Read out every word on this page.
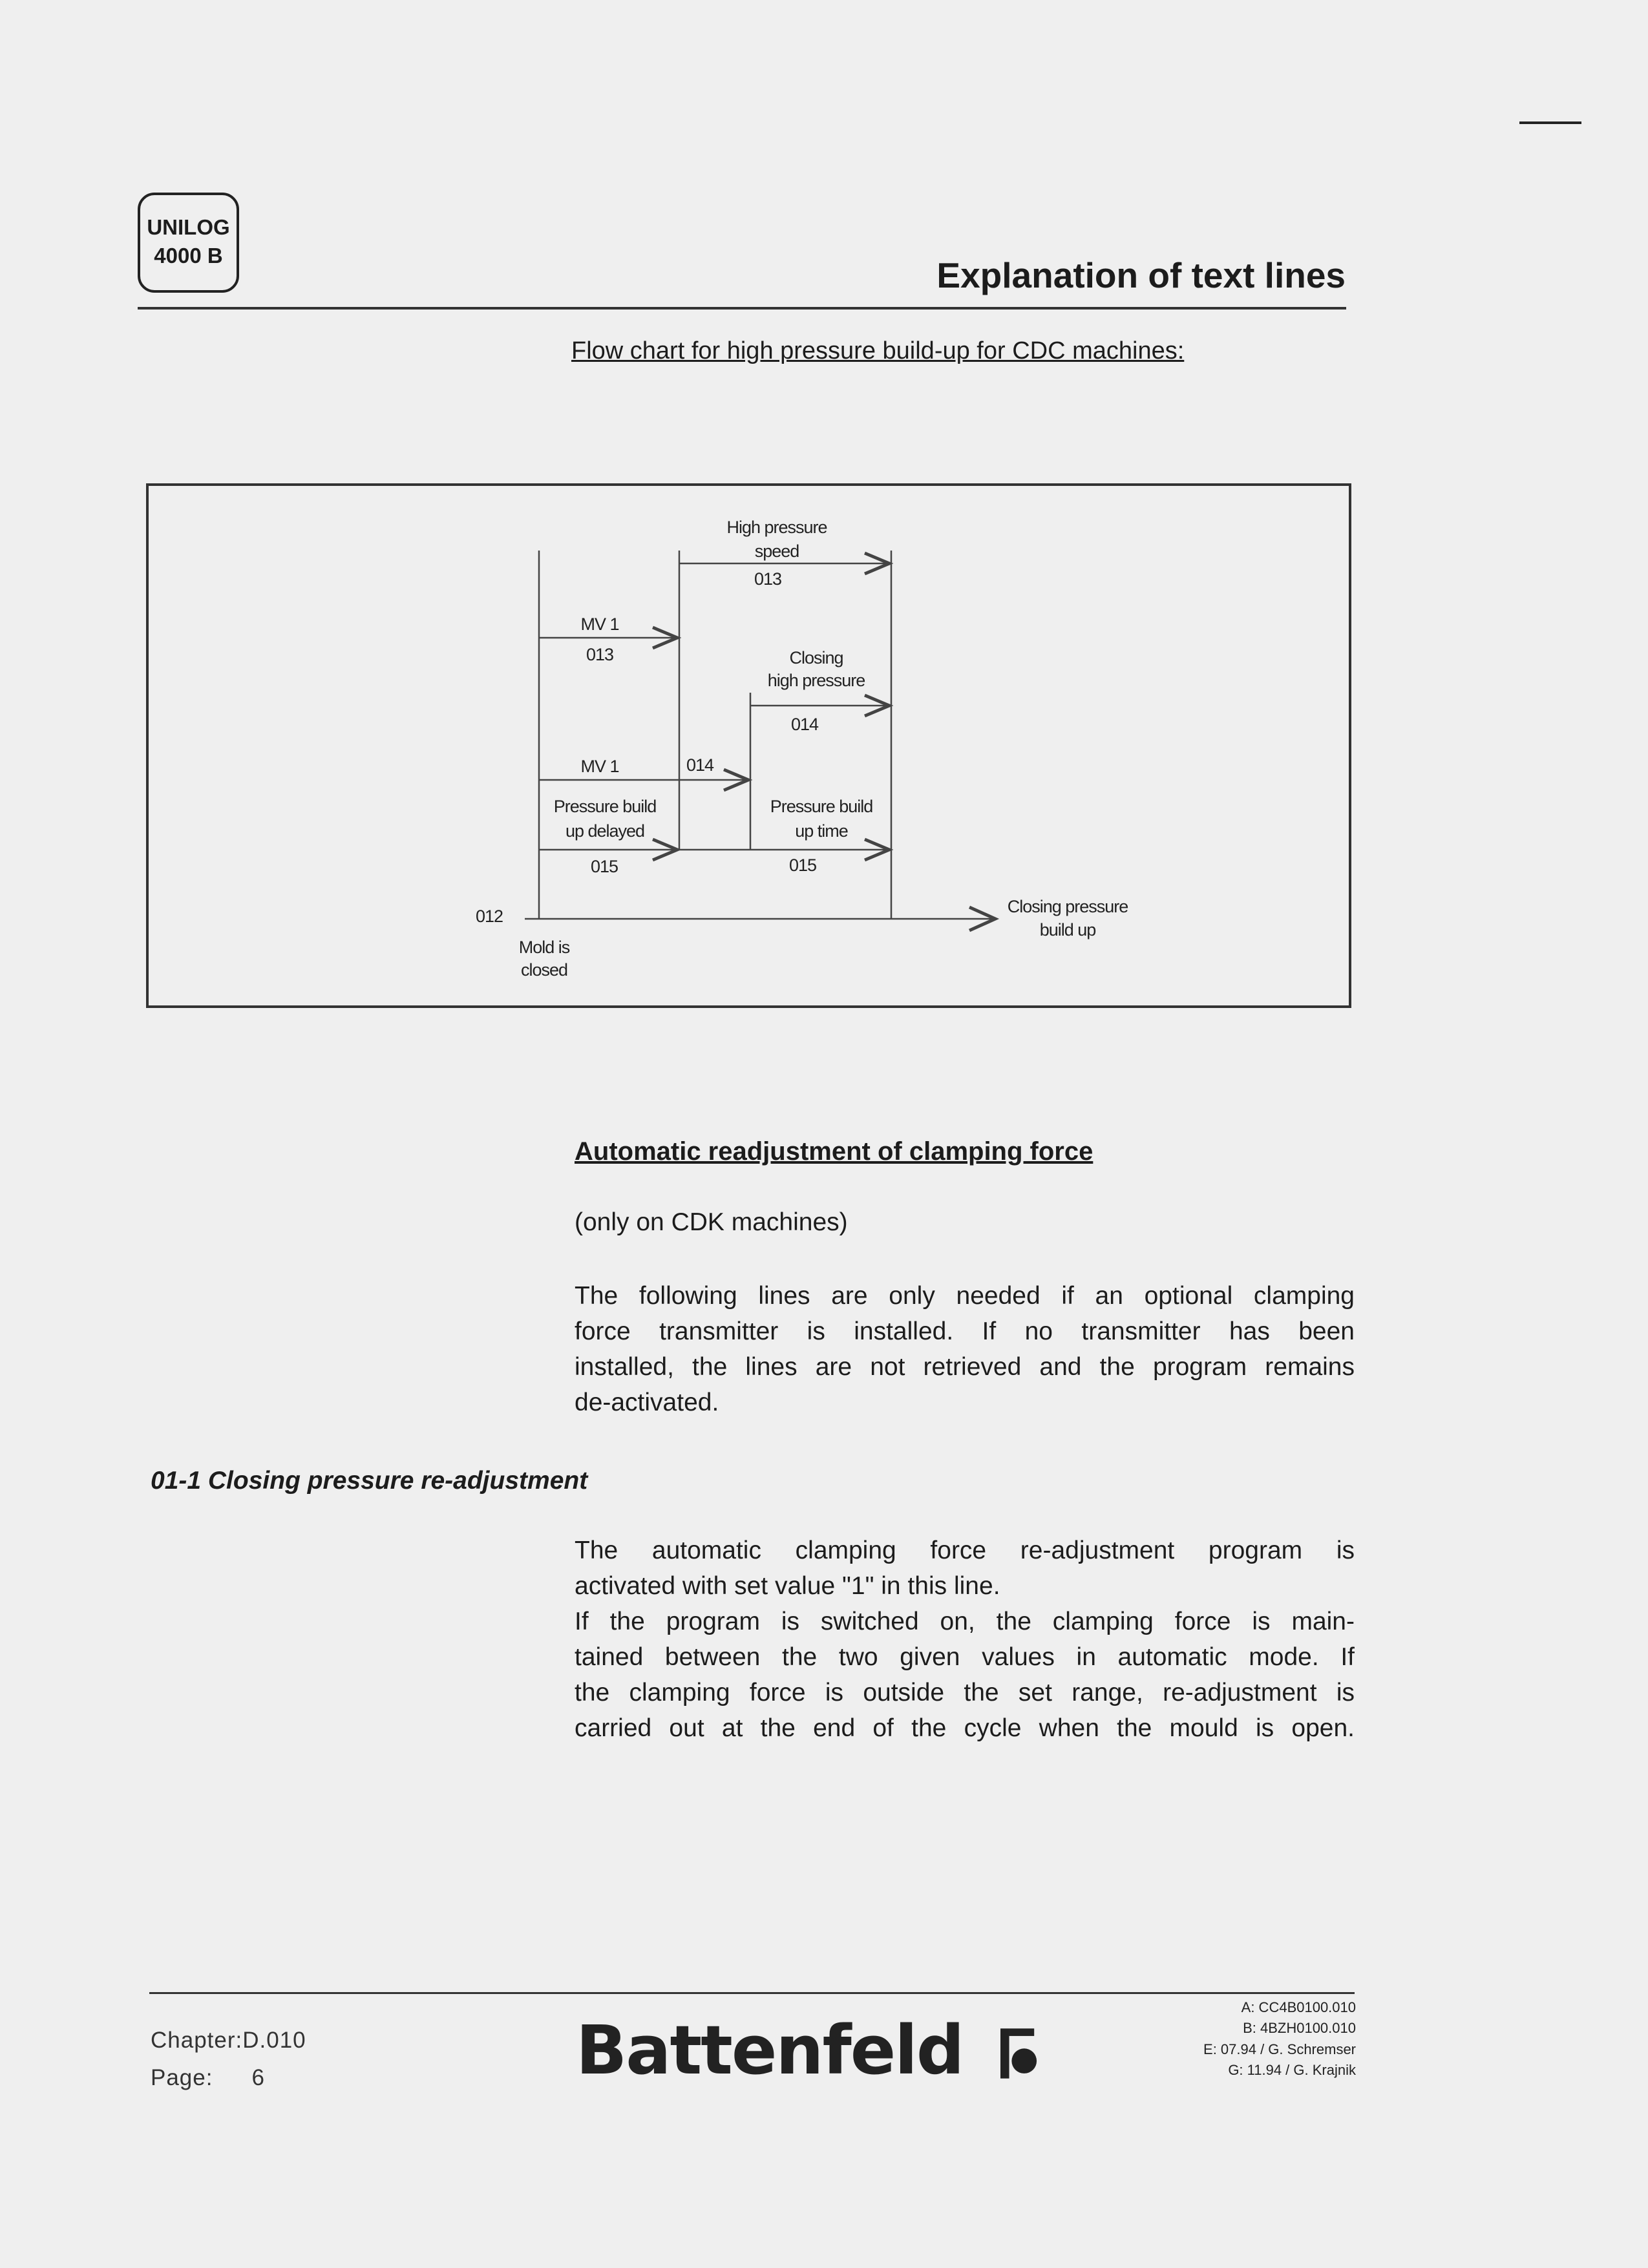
UNILOG
4000 B	Explanation of text lines
Flow chart for high pressure build-up for CDC machines:
High pressure
speed
013
MV 1
013	Closing
high pressure
014
MV 1	014
Pressure build
up delayed
015
Pressure build
up time
015
012
Mold is
closed
Closing pressure
build up
Automatic readjustment of clamping force
(only on CDK machines)
The following lines are only needed if an optional clamping
force transmitter is installed. If no transmitter has been
installed, the lines are not retrieved and the program remains
de-activated.
01-1 Closing pressure re-adjustment
The automatic clamping force re-adjustment program is
activated with set value "1" in this line.
If the program is switched on, the clamping force is main-
tained between the two given values in automatic mode. If
the clamping force is outside the set range, re-adjustment is
carried out at the end of the cycle when the mould is open.
Chapter:D.010
Page: 6	Battenfeld
A: CC4B0100.010
B: 4BZH0100.010
E: 07.94 / G. Schremser
G: 11.94 / G. Krajnik
